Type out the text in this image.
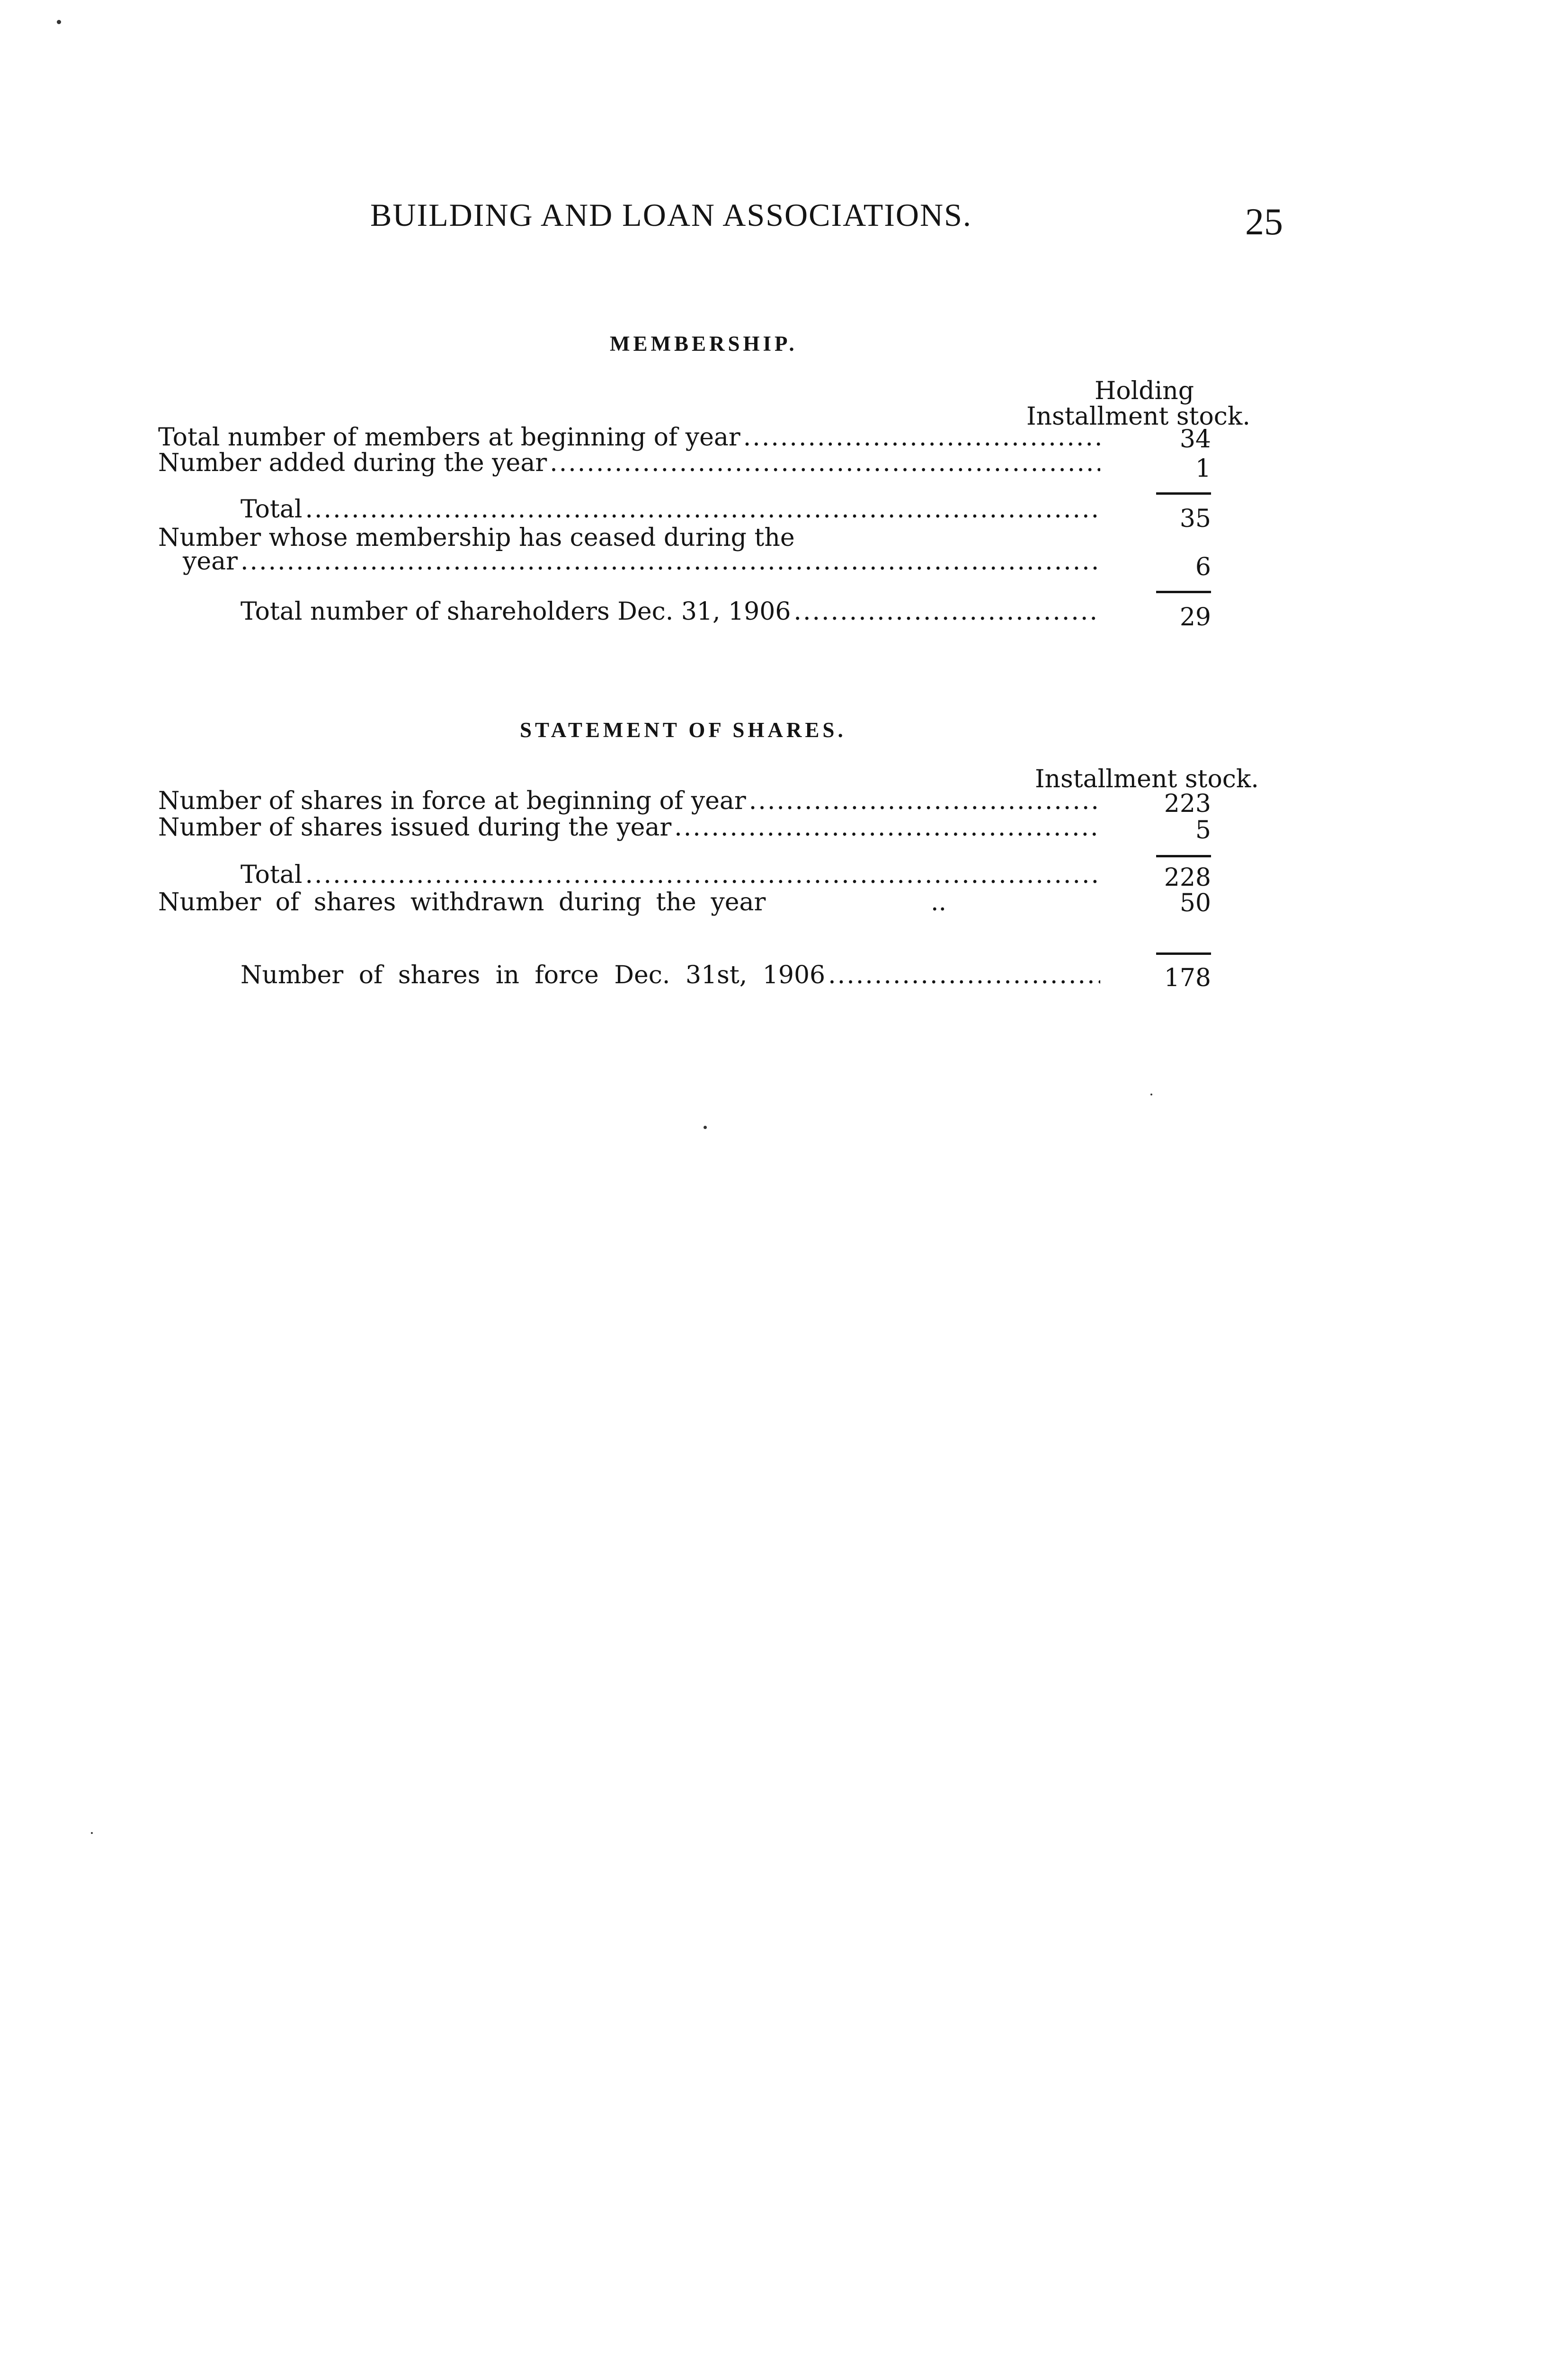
BUILDING AND LOAN ASSOCIATIONS.	25
MEMBERSHIP.
Holding
Installment stock.
Total number of members at beginning of year .....	34
Number added during the year .....	1
Total .....	35
Number whose membership has ceased during the
year .....	6
Total number of shareholders Dec. 31, 1906 .....	29
STATEMENT OF SHARES.
Installment stock.
Number of shares in force at beginning of year .....	223
Number of shares issued during the year .....	5
Total .....	228
Number of shares withdrawn during the year	..	50
Number of shares in force Dec. 31st, 1906 .....	178
